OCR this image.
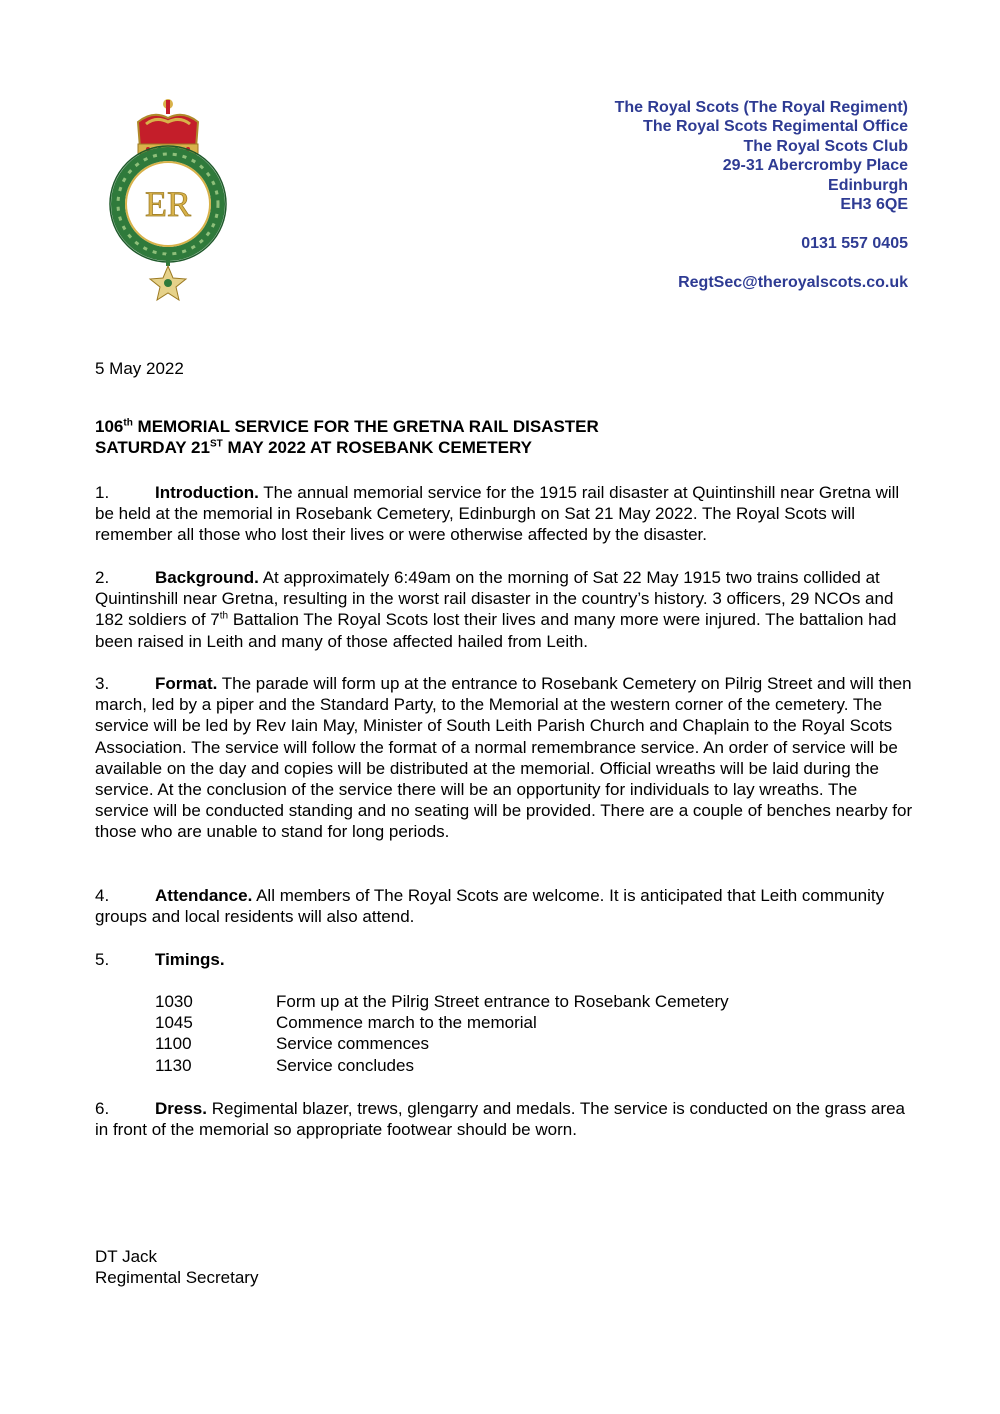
ER
The Royal Scots (The Royal Regiment)
The Royal Scots Regimental Office
The Royal Scots Club
29-31 Abercromby Place
Edinburgh
EH3 6QE
0131 557 0405
RegtSec@theroyalscots.co.uk
5 May 2022
106th MEMORIAL SERVICE FOR THE GRETNA RAIL DISASTER
SATURDAY 21ST MAY 2022 AT ROSEBANK CEMETERY
1.	Introduction. The annual memorial service for the 1915 rail disaster at Quintinshill near Gretna will be held at the memorial in Rosebank Cemetery, Edinburgh on Sat 21 May 2022. The Royal Scots will remember all those who lost their lives or were otherwise affected by the disaster.
2.	Background. At approximately 6:49am on the morning of Sat 22 May 1915 two trains collided at Quintinshill near Gretna, resulting in the worst rail disaster in the country’s history. 3 officers, 29 NCOs and 182 soldiers of 7th Battalion The Royal Scots lost their lives and many more were injured. The battalion had been raised in Leith and many of those affected hailed from Leith.
3.	Format. The parade will form up at the entrance to Rosebank Cemetery on Pilrig Street and will then march, led by a piper and the Standard Party, to the Memorial at the western corner of the cemetery. The service will be led by Rev Iain May, Minister of South Leith Parish Church and Chaplain to the Royal Scots Association. The service will follow the format of a normal remembrance service. An order of service will be available on the day and copies will be distributed at the memorial. Official wreaths will be laid during the service. At the conclusion of the service there will be an opportunity for individuals to lay wreaths. The service will be conducted standing and no seating will be provided. There are a couple of benches nearby for those who are unable to stand for long periods.
4.	Attendance. All members of The Royal Scots are welcome. It is anticipated that Leith community groups and local residents will also attend.
5.	Timings.
1030	Form up at the Pilrig Street entrance to Rosebank Cemetery
1045	Commence march to the memorial
1100	Service commences
1130	Service concludes
6.	Dress. Regimental blazer, trews, glengarry and medals. The service is conducted on the grass area in front of the memorial so appropriate footwear should be worn.
DT Jack
Regimental Secretary
